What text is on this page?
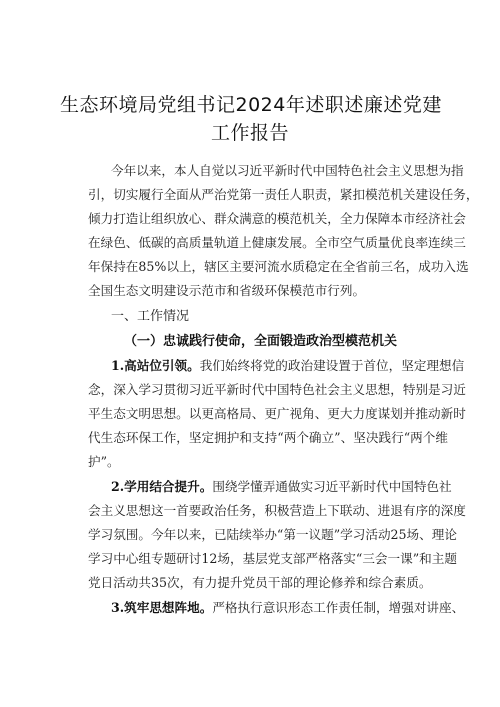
生态环境局党组书记2024年述职述廉述党建
工作报告
今年以来，本人自觉以习近平新时代中国特色社会主义思想为指
引，切实履行全面从严治党第一责任人职责，紧扣模范机关建设任务，
倾力打造让组织放心、群众满意的模范机关，全力保障本市经济社会
在绿色、低碳的高质量轨道上健康发展。全市空气质量优良率连续三
年保持在85%以上，辖区主要河流水质稳定在全省前三名，成功入选
全国生态文明建设示范市和省级环保模范市行列。
一、工作情况
（一）忠诚践行使命，全面锻造政治型模范机关
1.高站位引领。我们始终将党的政治建设置于首位，坚定理想信
念，深入学习贯彻习近平新时代中国特色社会主义思想，特别是习近
平生态文明思想。以更高格局、更广视角、更大力度谋划并推动新时
代生态环保工作，坚定拥护和支持“两个确立”、坚决践行“两个维
护”。
2.学用结合提升。围绕学懂弄通做实习近平新时代中国特色社
会主义思想这一首要政治任务，积极营造上下联动、进退有序的深度
学习氛围。今年以来，已陆续举办“第一议题”学习活动25场、理论
学习中心组专题研讨12场，基层党支部严格落实“三会一课”和主题
党日活动共35次，有力提升党员干部的理论修养和综合素质。
3.筑牢思想阵地。严格执行意识形态工作责任制，增强对讲座、
